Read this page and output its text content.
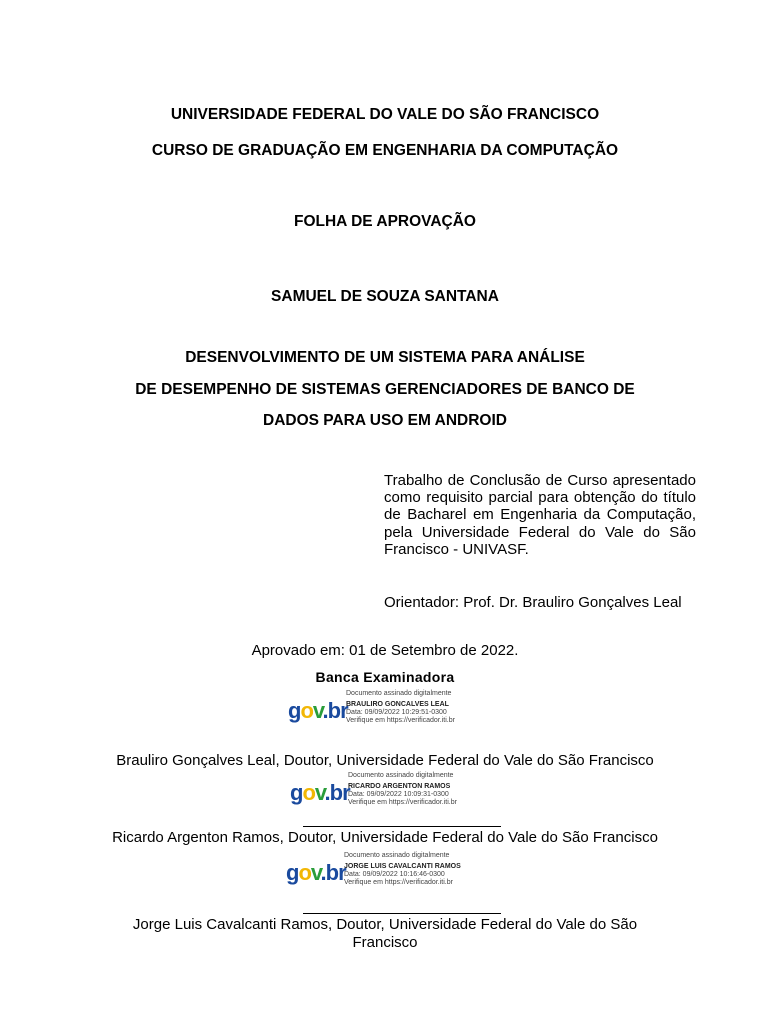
UNIVERSIDADE FEDERAL DO VALE DO SÃO FRANCISCO
CURSO DE GRADUAÇÃO EM ENGENHARIA DA COMPUTAÇÃO
FOLHA DE APROVAÇÃO
SAMUEL DE SOUZA SANTANA
DESENVOLVIMENTO DE UM SISTEMA PARA ANÁLISE
DE DESEMPENHO DE SISTEMAS GERENCIADORES DE BANCO DE
DADOS PARA USO EM ANDROID
Trabalho de Conclusão de Curso apresentado como requisito parcial para obtenção do título de Bacharel em Engenharia da Computação, pela Universidade Federal do Vale do São Francisco - UNIVASF.
Orientador: Prof. Dr. Brauliro Gonçalves Leal
Aprovado em: 01 de Setembro de 2022.
Banca Examinadora
gov.br
Documento assinado digitalmente
BRAULIRO GONCALVES LEAL
Data: 09/09/2022 10:29:51-0300
Verifique em https://verificador.iti.br
Brauliro Gonçalves Leal, Doutor, Universidade Federal do Vale do São Francisco
gov.br
Documento assinado digitalmente
RICARDO ARGENTON RAMOS
Data: 09/09/2022 10:09:31-0300
Verifique em https://verificador.iti.br
Ricardo Argenton Ramos, Doutor, Universidade Federal do Vale do São Francisco
gov.br
Documento assinado digitalmente
JORGE LUIS CAVALCANTI RAMOS
Data: 09/09/2022 10:16:46-0300
Verifique em https://verificador.iti.br
Jorge Luis Cavalcanti Ramos, Doutor, Universidade Federal do Vale do São
Francisco
